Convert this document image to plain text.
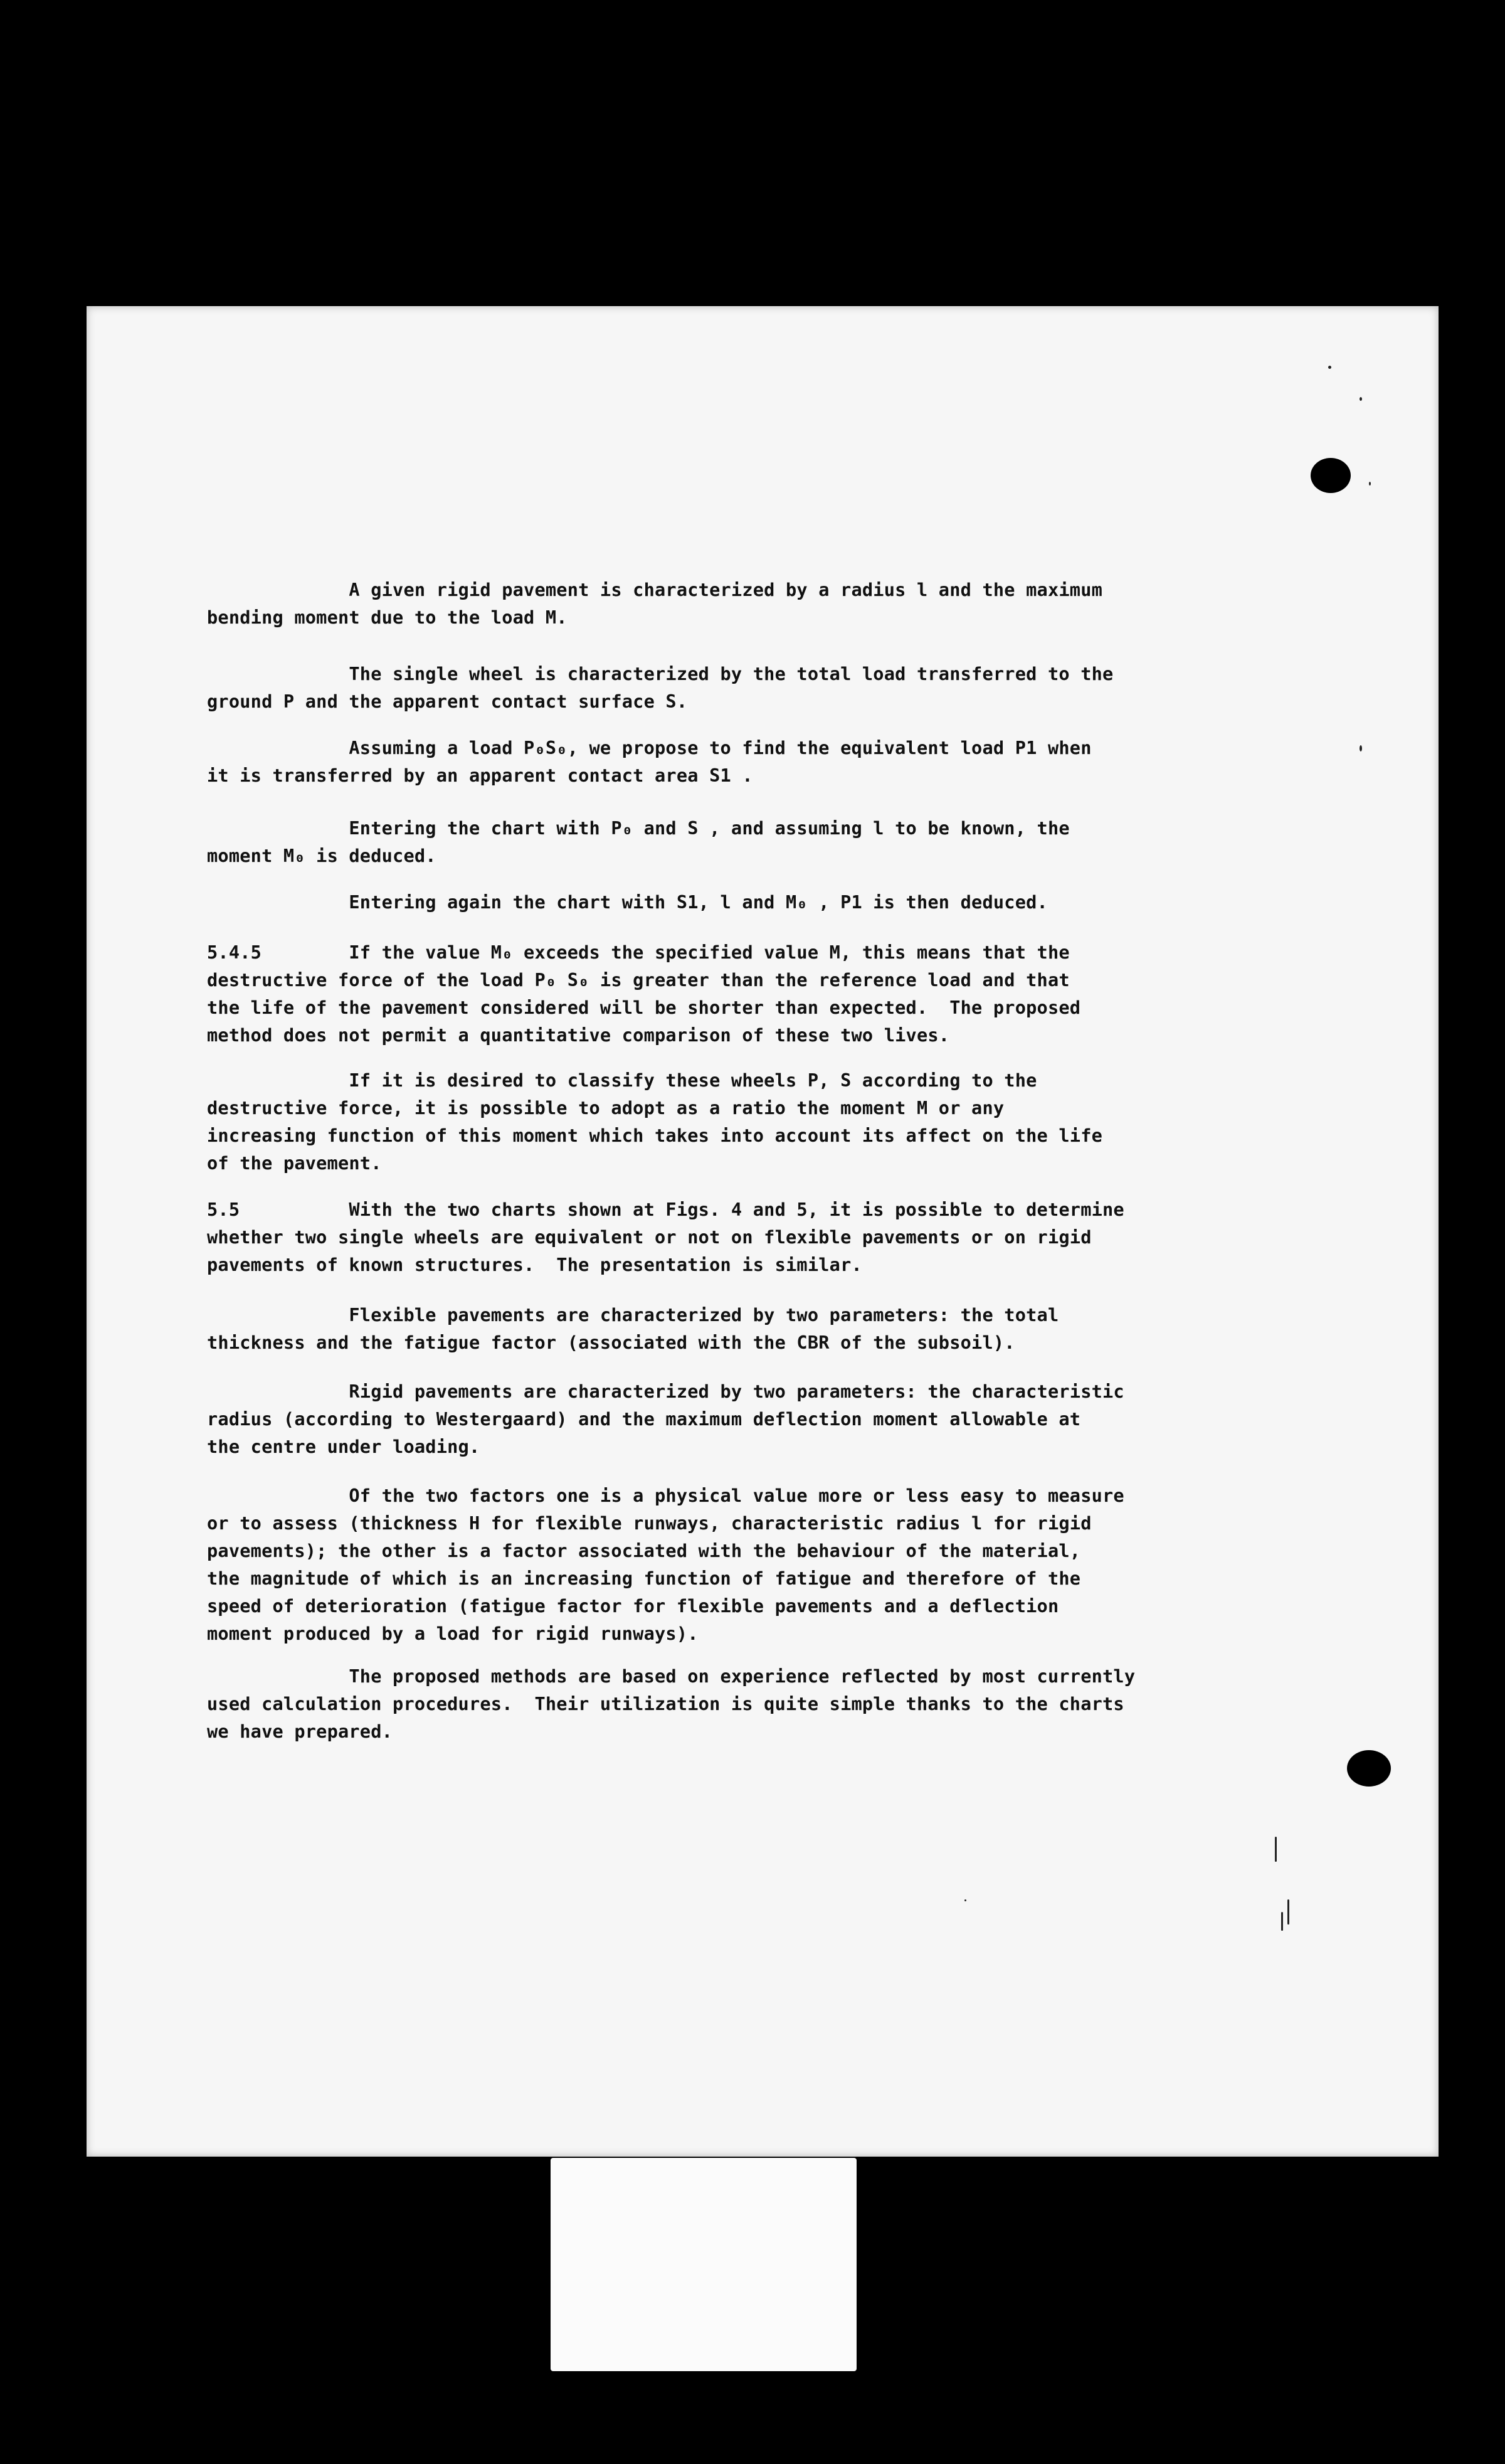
A given rigid pavement is characterized by a radius l and the maximum
bending moment due to the load M.
The single wheel is characterized by the total load transferred to the
ground P and the apparent contact surface S.
Assuming a load P₀S₀, we propose to find the equivalent load P1 when
it is transferred by an apparent contact area S1 .
Entering the chart with P₀ and S , and assuming l to be known, the
moment M₀ is deduced.
Entering again the chart with S1, l and M₀ , P1 is then deduced.
5.4.5        If the value M₀ exceeds the specified value M, this means that the
destructive force of the load P₀ S₀ is greater than the reference load and that
the life of the pavement considered will be shorter than expected.  The proposed
method does not permit a quantitative comparison of these two lives.
If it is desired to classify these wheels P, S according to the
destructive force, it is possible to adopt as a ratio the moment M or any
increasing function of this moment which takes into account its affect on the life
of the pavement.
5.5          With the two charts shown at Figs. 4 and 5, it is possible to determine
whether two single wheels are equivalent or not on flexible pavements or on rigid
pavements of known structures.  The presentation is similar.
Flexible pavements are characterized by two parameters: the total
thickness and the fatigue factor (associated with the CBR of the subsoil).
Rigid pavements are characterized by two parameters: the characteristic
radius (according to Westergaard) and the maximum deflection moment allowable at
the centre under loading.
Of the two factors one is a physical value more or less easy to measure
or to assess (thickness H for flexible runways, characteristic radius l for rigid
pavements); the other is a factor associated with the behaviour of the material,
the magnitude of which is an increasing function of fatigue and therefore of the
speed of deterioration (fatigue factor for flexible pavements and a deflection
moment produced by a load for rigid runways).
The proposed methods are based on experience reflected by most currently
used calculation procedures.  Their utilization is quite simple thanks to the charts
we have prepared.
